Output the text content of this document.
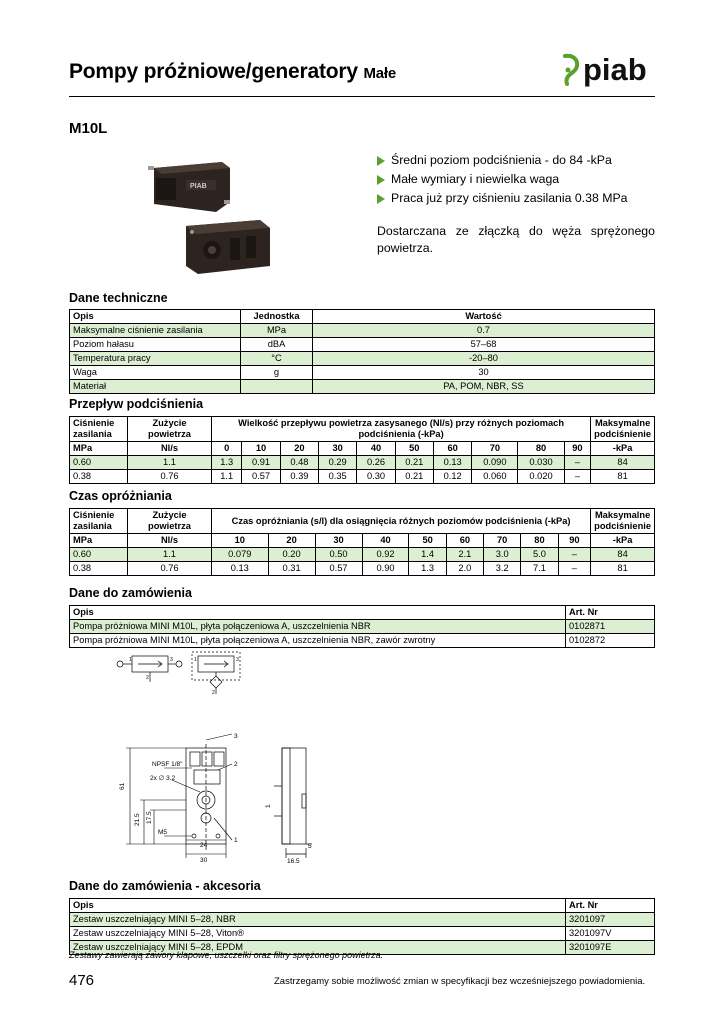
Pompy próżniowe/generatory Małe	piab
M10L
PIAB
Średni poziom podciśnienia - do 84 -kPa
Małe wymiary i niewielka waga
Praca już przy ciśnieniu zasilania 0.38 MPa
Dostarczana ze złączką do węża sprężonego powietrza.
Dane techniczne
Opis	Jednostka	Wartość
Maksymalne ciśnienie zasilania	MPa	0.7
Poziom hałasu	dBA	57–68
Temperatura pracy	°C	-20–80
Waga	g	30
Materiał		PA, POM, NBR, SS
Przepływ podciśnienia
Ciśnienie zasilania	Zużycie powietrza	Wielkość przepływu powietrza zasysanego (Nl/s) przy różnych poziomach podciśnienia (-kPa)										Maksymalne podciśnienie
MPa	Nl/s	0	10	20	30	40	50	60	70	80	90	-kPa
0.60	1.1	1.3	0.91	0.48	0.29	0.26	0.21	0.13	0.090	0.030	–	84
0.38	0.76	1.1	0.57	0.39	0.35	0.30	0.21	0.12	0.060	0.020	–	81
Czas opróżniania
Ciśnienie zasilania	Zużycie powietrza	Czas opróżniania (s/l) dla osiągnięcia różnych poziomów podciśnienia (-kPa)									Maksymalne podciśnienie
MPa	Nl/s	10	20	30	40	50	60	70	80	90	-kPa
0.60	1.1	0.079	0.20	0.50	0.92	1.4	2.1	3.0	5.0	–	84
0.38	0.76	0.13	0.31	0.57	0.90	1.3	2.0	3.2	7.1	–	81
Dane do zamówienia
Opis	Art. Nr
Pompa próżniowa MINI M10L, płyta połączeniowa A, uszczelnienia NBR	0102871
Pompa próżniowa MINI M10L, płyta połączeniowa A, uszczelnienia NBR, zawór zwrotny	0102872
1	3
2
1	3
2
61
21.5 17.5
NPSF 1/8"
2x ∅ 3.2
M5
24
30
3
2
1
1
5
16.5
Dane do zamówienia - akcesoria
Opis	Art. Nr
Zestaw uszczelniający MINI 5–28, NBR	3201097
Zestaw uszczelniający MINI 5–28, Viton®	3201097V
Zestaw uszczelniający MINI 5–28, EPDM	3201097E
Zestawy zawierają zawory klapowe, uszczelki oraz filtry sprężonego powietrza.
476	Zastrzegamy sobie możliwość zmian w specyfikacji bez wcześniejszego powiadomienia.
